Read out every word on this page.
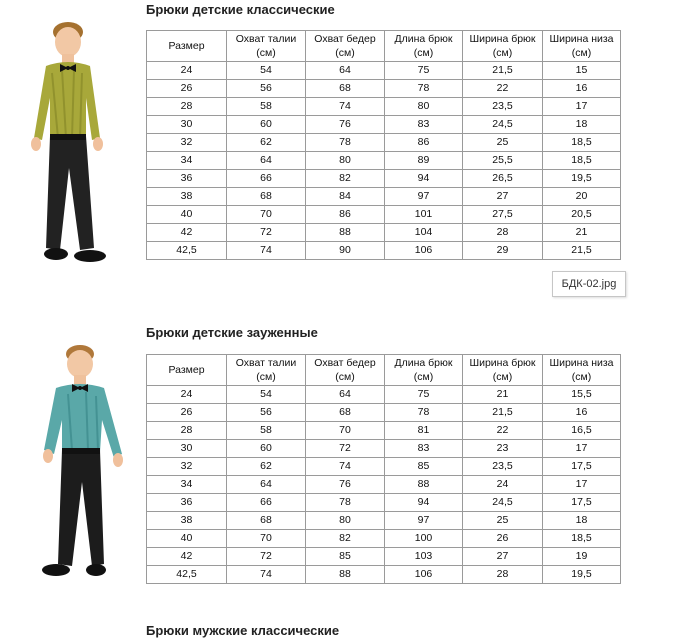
Брюки детские классические
Размер	Охват талии (см)	Охват бедер (см)	Длина брюк (см)	Ширина брюк (см)	Ширина низа (см)
24	54	64	75	21,5	15
26	56	68	78	22	16
28	58	74	80	23,5	17
30	60	76	83	24,5	18
32	62	78	86	25	18,5
34	64	80	89	25,5	18,5
36	66	82	94	26,5	19,5
38	68	84	97	27	20
40	70	86	101	27,5	20,5
42	72	88	104	28	21
42,5	74	90	106	29	21,5
БДК-02.jpg
Брюки детские зауженные
Размер	Охват талии (см)	Охват бедер (см)	Длина брюк (см)	Ширина брюк (см)	Ширина низа (см)
24	54	64	75	21	15,5
26	56	68	78	21,5	16
28	58	70	81	22	16,5
30	60	72	83	23	17
32	62	74	85	23,5	17,5
34	64	76	88	24	17
36	66	78	94	24,5	17,5
38	68	80	97	25	18
40	70	82	100	26	18,5
42	72	85	103	27	19
42,5	74	88	106	28	19,5
Брюки мужские классические
